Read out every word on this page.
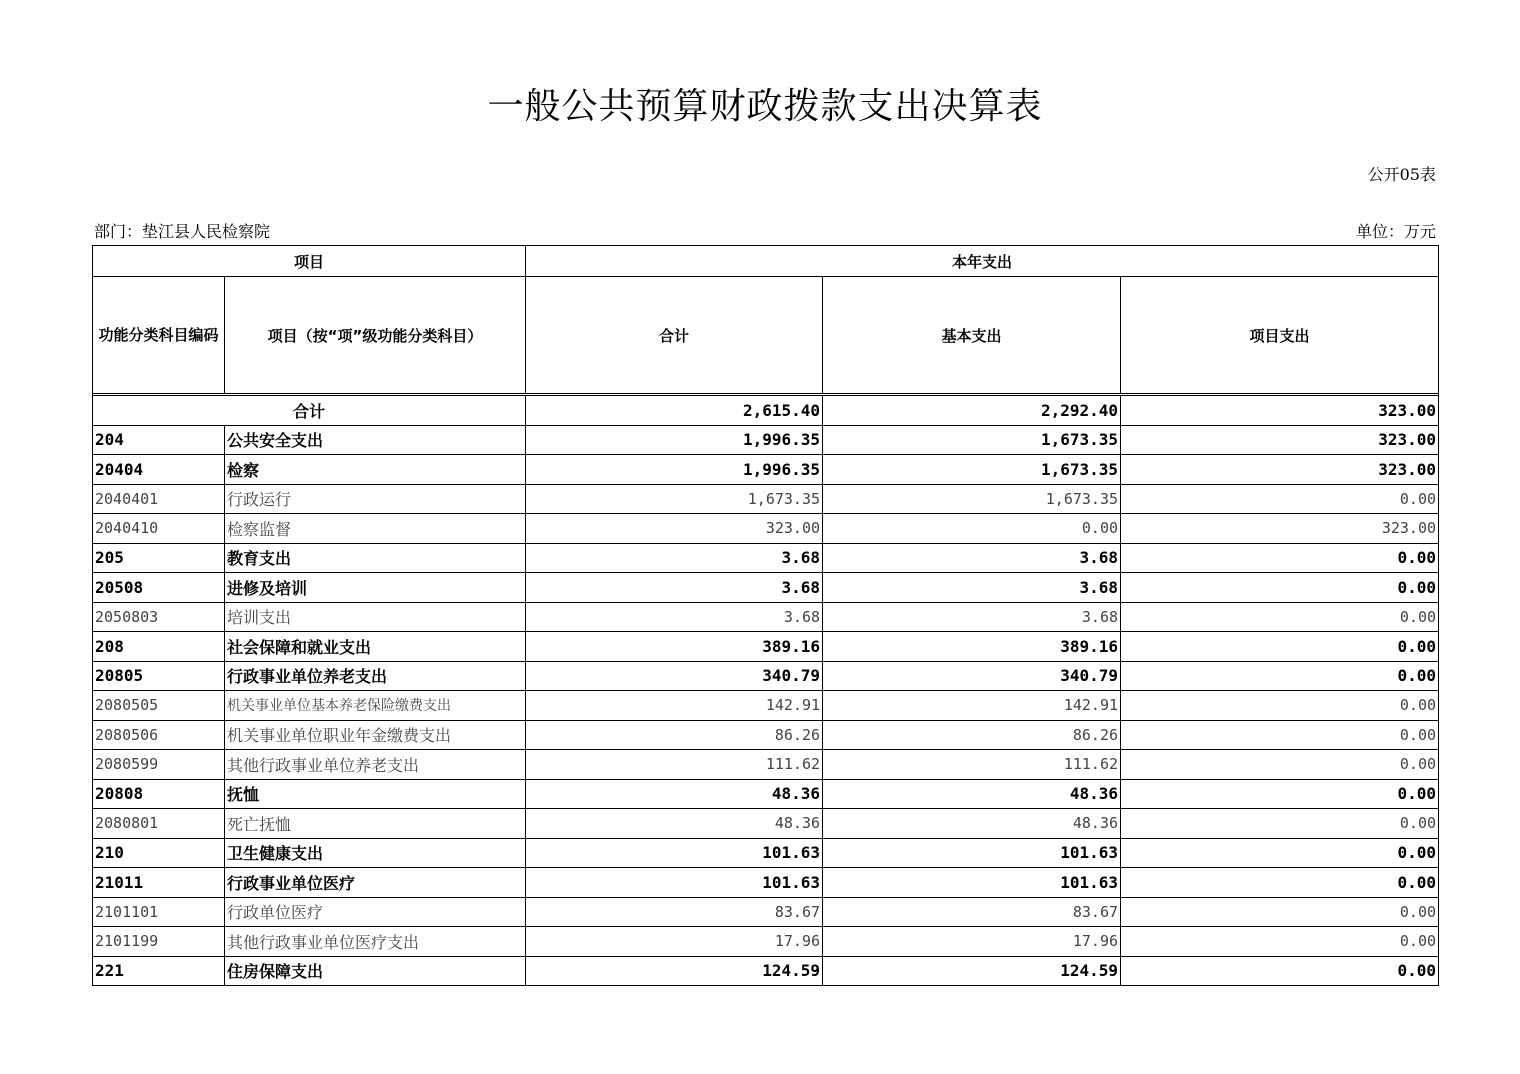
一般公共预算财政拨款支出决算表
公开05表
部门：垫江县人民检察院	单位：万元
项目		本年支出		
功能分类科目编码	项目（按“项”级功能分类科目）	合计	基本支出	项目支出

合计		2,615.40	2,292.40	323.00
204	公共安全支出	1,996.35	1,673.35	323.00
20404	检察	1,996.35	1,673.35	323.00
2040401	行政运行	1,673.35	1,673.35	0.00
2040410	检察监督	323.00	0.00	323.00
205	教育支出	3.68	3.68	0.00
20508	进修及培训	3.68	3.68	0.00
2050803	培训支出	3.68	3.68	0.00
208	社会保障和就业支出	389.16	389.16	0.00
20805	行政事业单位养老支出	340.79	340.79	0.00
2080505	机关事业单位基本养老保险缴费支出	142.91	142.91	0.00
2080506	机关事业单位职业年金缴费支出	86.26	86.26	0.00
2080599	其他行政事业单位养老支出	111.62	111.62	0.00
20808	抚恤	48.36	48.36	0.00
2080801	死亡抚恤	48.36	48.36	0.00
210	卫生健康支出	101.63	101.63	0.00
21011	行政事业单位医疗	101.63	101.63	0.00
2101101	行政单位医疗	83.67	83.67	0.00
2101199	其他行政事业单位医疗支出	17.96	17.96	0.00
221	住房保障支出	124.59	124.59	0.00
